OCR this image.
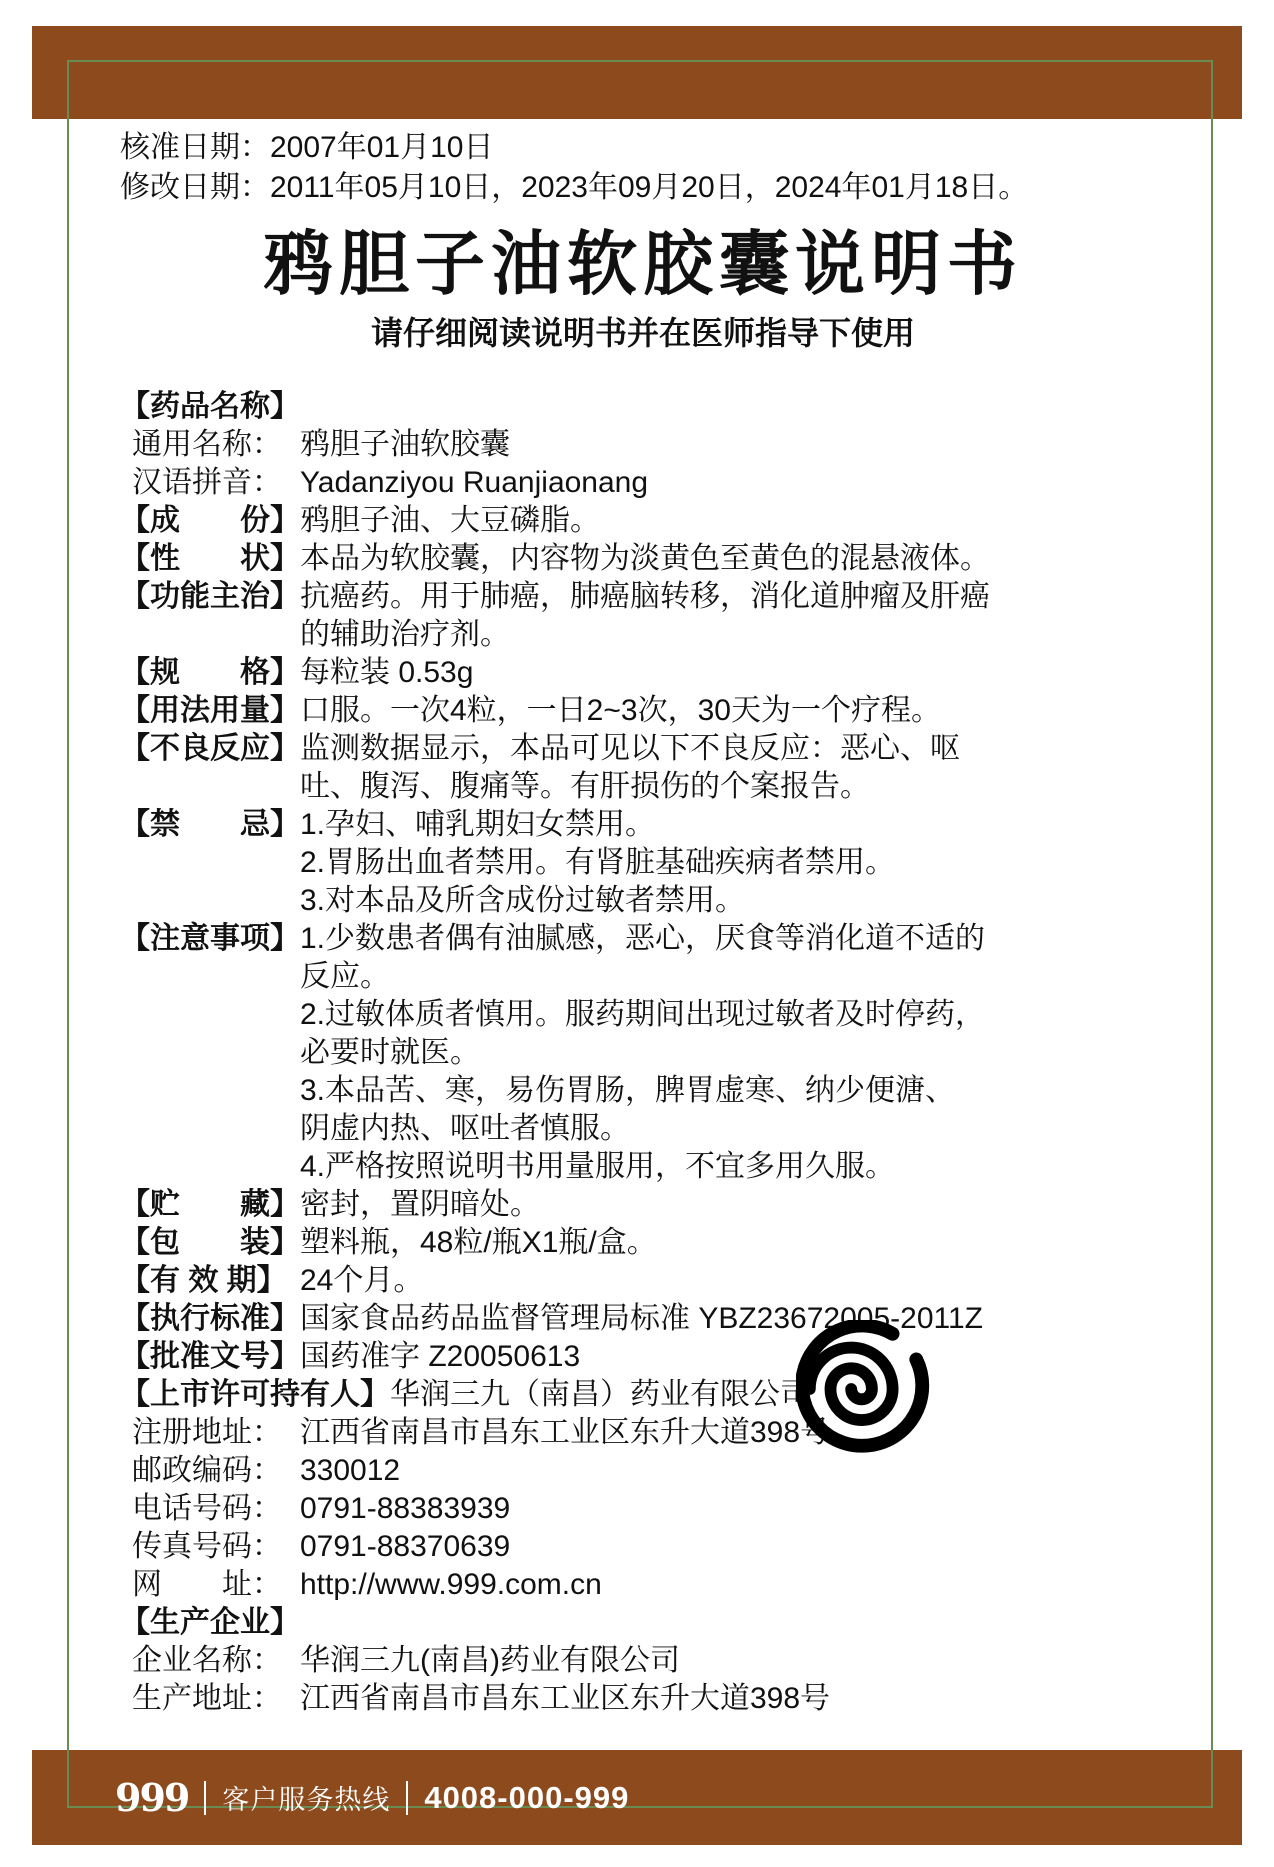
核准日期：2007年01月10日
修改日期：2011年05月10日，2023年09月20日，2024年01月18日。
鸦胆子油软胶囊说明书
请仔细阅读说明书并在医师指导下使用
【药品名称】
通用名称： 鸦胆子油软胶囊
汉语拼音： Yadanziyou Ruanjiaonang
【成　　份】 鸦胆子油、大豆磷脂。
【性　　状】 本品为软胶囊，内容物为淡黄色至黄色的混悬液体。
【功能主治】 抗癌药。用于肺癌，肺癌脑转移，消化道肿瘤及肝癌
的辅助治疗剂。
【规　　格】 每粒装 0.53g
【用法用量】 口服。一次4粒，一日2~3次，30天为一个疗程。
【不良反应】 监测数据显示，本品可见以下不良反应：恶心、呕
吐、腹泻、腹痛等。有肝损伤的个案报告。
【禁　　忌】 1.孕妇、哺乳期妇女禁用。
2.胃肠出血者禁用。有肾脏基础疾病者禁用。
3.对本品及所含成份过敏者禁用。
【注意事项】 1.少数患者偶有油腻感，恶心，厌食等消化道不适的
反应。
2.过敏体质者慎用。服药期间出现过敏者及时停药，
必要时就医。
3.本品苦、寒，易伤胃肠，脾胃虚寒、纳少便溏、
阴虚内热、呕吐者慎服。
4.严格按照说明书用量服用，不宜多用久服。
【贮　　藏】 密封，置阴暗处。
【包　　装】 塑料瓶，48粒/瓶X1瓶/盒。
【有 效 期】 24个月。
【执行标准】 国家食品药品监督管理局标准 YBZ23672005-2011Z
【批准文号】 国药准字 Z20050613
【上市许可持有人】 华润三九（南昌）药业有限公司
注册地址： 江西省南昌市昌东工业区东升大道398号
邮政编码： 330012
电话号码： 0791-88383939
传真号码： 0791-88370639
网　　址： http://www.999.com.cn
【生产企业】
企业名称： 华润三九(南昌)药业有限公司
生产地址： 江西省南昌市昌东工业区东升大道398号
999 客户服务热线 4008-000-999
